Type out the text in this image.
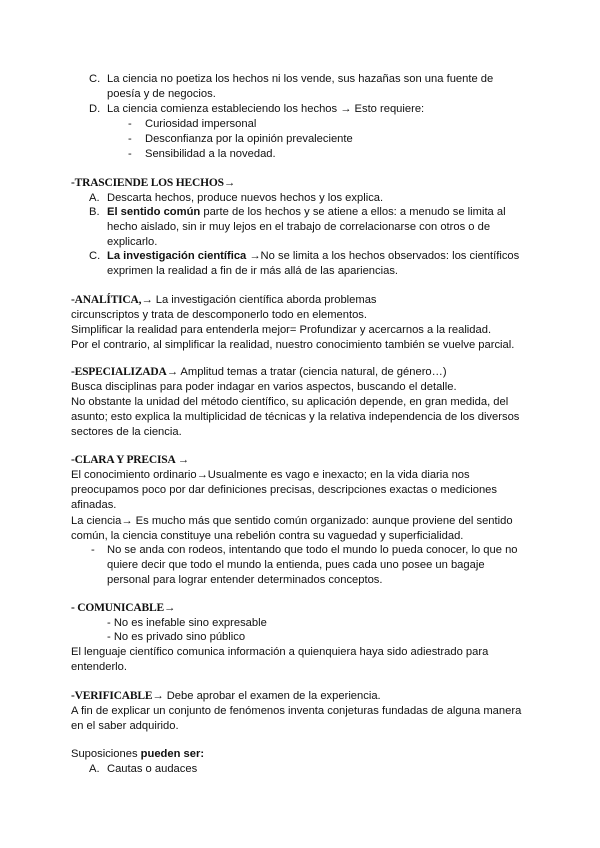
C. La ciencia no poetiza los hechos ni los vende, sus hazañas son una fuente de
poesía y de negocios.
D. La ciencia comienza estableciendo los hechos → Esto requiere:
- Curiosidad impersonal
- Desconfianza por la opinión prevaleciente
- Sensibilidad a la novedad.
-TRASCIENDE LOS HECHOS→
A. Descarta hechos, produce nuevos hechos y los explica.
B. El sentido común parte de los hechos y se atiene a ellos: a menudo se limita al
hecho aislado, sin ir muy lejos en el trabajo de correlacionarse con otros o de
explicarlo.
C. La investigación científica →No se limita a los hechos observados: los científicos
exprimen la realidad a fin de ir más allá de las apariencias.
-ANALÍTICA,→ La investigación científica aborda problemas
circunscriptos y trata de descomponerlo todo en elementos.
Simplificar la realidad para entenderla mejor= Profundizar y acercarnos a la realidad.
Por el contrario, al simplificar la realidad, nuestro conocimiento también se vuelve parcial.
-ESPECIALIZADA→ Amplitud temas a tratar (ciencia natural, de género…)
Busca disciplinas para poder indagar en varios aspectos, buscando el detalle.
No obstante la unidad del método científico, su aplicación depende, en gran medida, del
asunto; esto explica la multiplicidad de técnicas y la relativa independencia de los diversos
sectores de la ciencia.
-CLARA Y PRECISA →
El conocimiento ordinario→Usualmente es vago e inexacto; en la vida diaria nos
preocupamos poco por dar definiciones precisas, descripciones exactas o mediciones
afinadas.
La ciencia→ Es mucho más que sentido común organizado: aunque proviene del sentido
común, la ciencia constituye una rebelión contra su vaguedad y superficialidad.
- No se anda con rodeos, intentando que todo el mundo lo pueda conocer, lo que no
quiere decir que todo el mundo la entienda, pues cada uno posee un bagaje
personal para lograr entender determinados conceptos.
- COMUNICABLE→
- No es inefable sino expresable
- No es privado sino público
El lenguaje científico comunica información a quienquiera haya sido adiestrado para
entenderlo.
-VERIFICABLE→ Debe aprobar el examen de la experiencia.
A fin de explicar un conjunto de fenómenos inventa conjeturas fundadas de alguna manera
en el saber adquirido.
Suposiciones pueden ser:
A. Cautas o audaces
